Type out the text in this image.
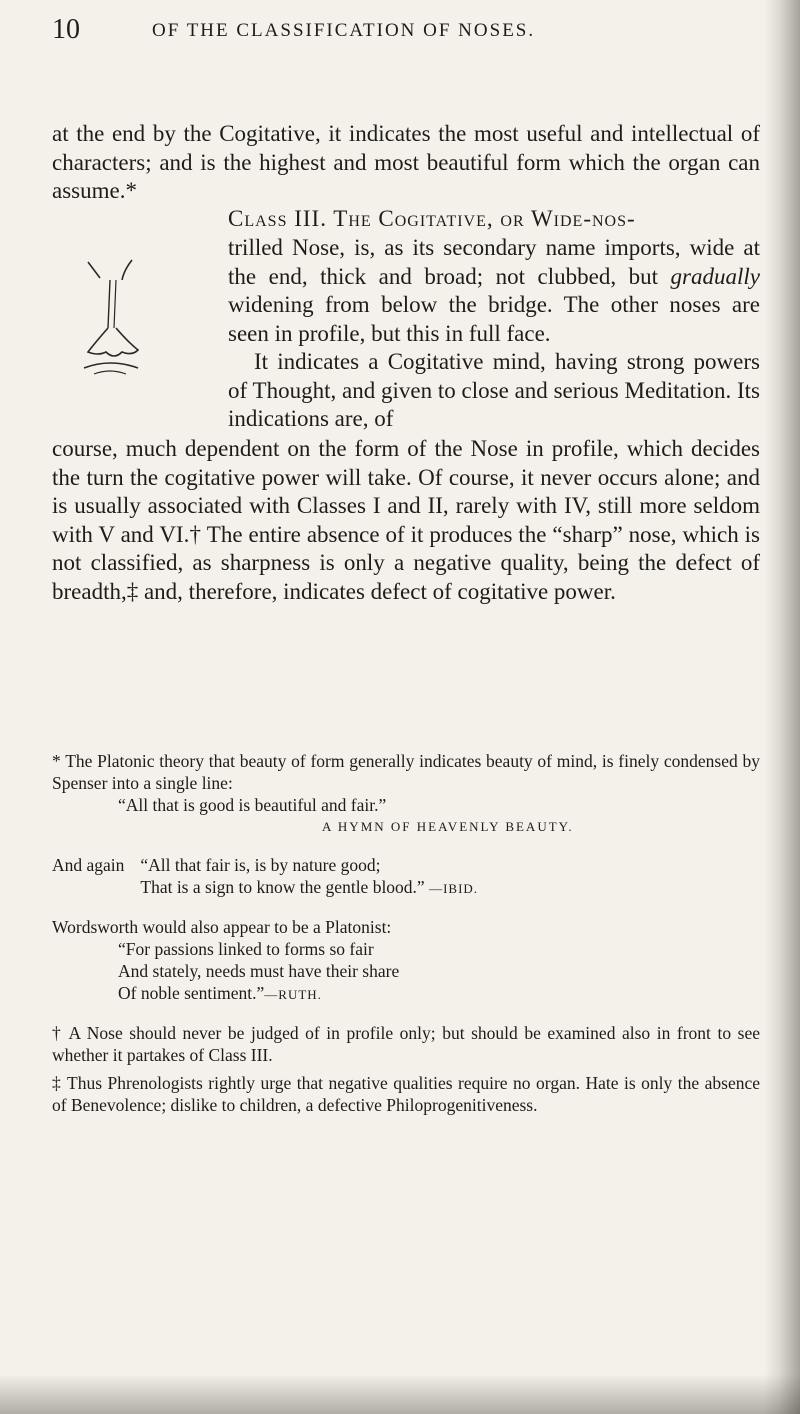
10	OF THE CLASSIFICATION OF NOSES.
at the end by the Cogitative, it indicates the most useful and intellectual of characters; and is the highest and most beautiful form which the organ can assume.*
Class III. The Cogitative, or Wide-nos-
trilled Nose, is, as its secondary name imports, wide at the end, thick and broad; not clubbed, but gradually widening from below the bridge. The other noses are seen in profile, but this in full face.
It indicates a Cogitative mind, having strong powers of Thought, and given to close and serious Meditation. Its indications are, of
course, much dependent on the form of the Nose in profile, which decides the turn the cogitative power will take. Of course, it never occurs alone; and is usually associated with Classes I and II, rarely with IV, still more seldom with V and VI.† The entire absence of it produces the “sharp” nose, which is not classified, as sharpness is only a negative quality, being the defect of breadth,‡ and, therefore, indicates defect of cogitative power.
* The Platonic theory that beauty of form generally indicates beauty of mind, is finely condensed by Spenser into a single line:
“All that is good is beautiful and fair.”
A HYMN OF HEAVENLY BEAUTY.
And again “All that fair is, is by nature good;
That is a sign to know the gentle blood.” —IBID.
Wordsworth would also appear to be a Platonist:
“For passions linked to forms so fair
And stately, needs must have their share
Of noble sentiment.”—RUTH.
† A Nose should never be judged of in profile only; but should be examined also in front to see whether it partakes of Class III.
‡ Thus Phrenologists rightly urge that negative qualities require no organ. Hate is only the absence of Benevolence; dislike to children, a defective Philoprogenitiveness.
